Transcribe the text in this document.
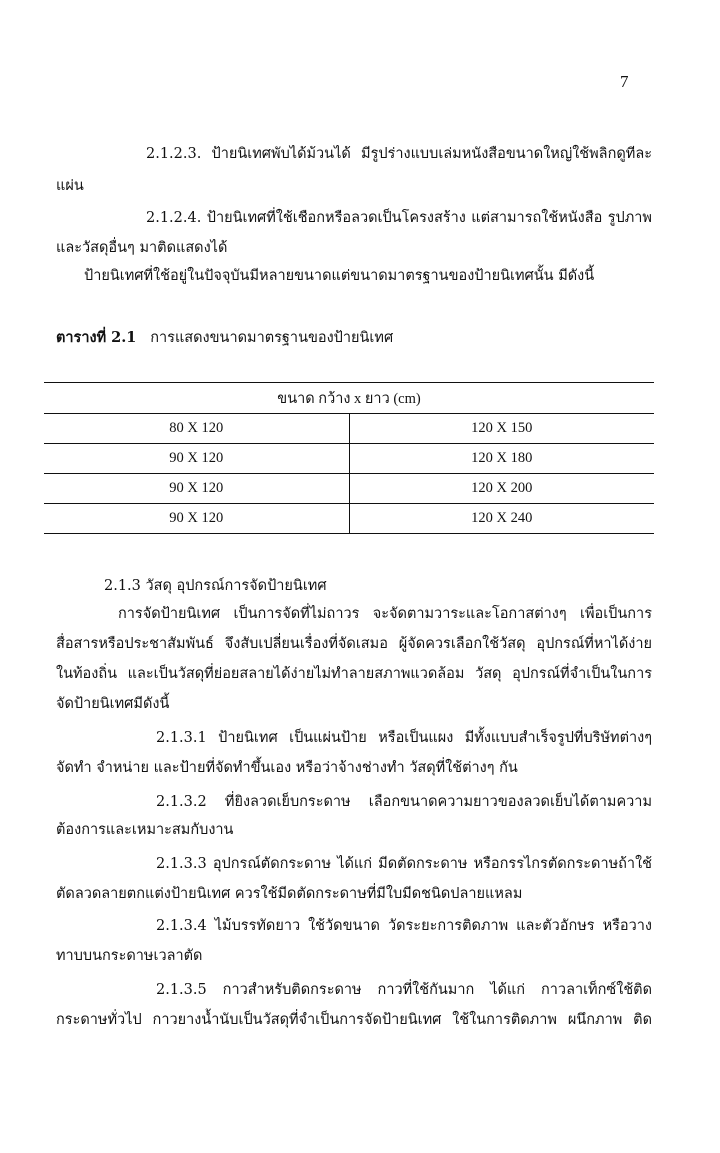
7
2.1.2.3. ป้ายนิเทศพับได้ม้วนได้ มีรูปร่างแบบเล่มหนังสือขนาดใหญ่ใช้พลิกดูทีละ
แผ่น
2.1.2.4. ป้ายนิเทศที่ใช้เชือกหรือลวดเป็นโครงสร้าง แต่สามารถใช้หนังสือ รูปภาพ
และวัสดุอื่นๆ มาติดแสดงได้
ป้ายนิเทศที่ใช้อยู่ในปัจจุบันมีหลายขนาดแต่ขนาดมาตรฐานของป้ายนิเทศนั้น มีดังนี้
ตารางที่ 2.1 การแสดงขนาดมาตรฐานของป้ายนิเทศ
ขนาด กว้าง x ยาว (cm)	
80 X 120	120 X 150
90 X 120	120 X 180
90 X 120	120 X 200
90 X 120	120 X 240
2.1.3 วัสดุ อุปกรณ์การจัดป้ายนิเทศ
การจัดป้ายนิเทศ เป็นการจัดที่ไม่ถาวร จะจัดตามวาระและโอกาสต่างๆ เพื่อเป็นการ
สื่อสารหรือประชาสัมพันธ์ จึงสับเปลี่ยนเรื่องที่จัดเสมอ ผู้จัดควรเลือกใช้วัสดุ อุปกรณ์ที่หาได้ง่าย
ในท้องถิ่น และเป็นวัสดุที่ย่อยสลายได้ง่ายไม่ทำลายสภาพแวดล้อม วัสดุ อุปกรณ์ที่จำเป็นในการ
จัดป้ายนิเทศมีดังนี้
2.1.3.1 ป้ายนิเทศ เป็นแผ่นป้าย หรือเป็นแผง มีทั้งแบบสำเร็จรูปที่บริษัทต่างๆ
จัดทำ จำหน่าย และป้ายที่จัดทำขึ้นเอง หรือว่าจ้างช่างทำ วัสดุที่ใช้ต่างๆ กัน
2.1.3.2 ที่ยิงลวดเย็บกระดาษ เลือกขนาดความยาวของลวดเย็บได้ตามความ
ต้องการและเหมาะสมกับงาน
2.1.3.3 อุปกรณ์ตัดกระดาษ ได้แก่ มีดตัดกระดาษ หรือกรรไกรตัดกระดาษถ้าใช้
ตัดลวดลายตกแต่งป้ายนิเทศ ควรใช้มีดตัดกระดาษที่มีใบมีดชนิดปลายแหลม
2.1.3.4 ไม้บรรทัดยาว ใช้วัดขนาด วัดระยะการติดภาพ และตัวอักษร หรือวาง
ทาบบนกระดาษเวลาตัด
2.1.3.5 กาวสำหรับติดกระดาษ กาวที่ใช้กันมาก ได้แก่ กาวลาเท็กซ์ใช้ติด
กระดาษทั่วไป กาวยางน้ำนับเป็นวัสดุที่จำเป็นการจัดป้ายนิเทศ ใช้ในการติดภาพ ผนึกภาพ ติด
